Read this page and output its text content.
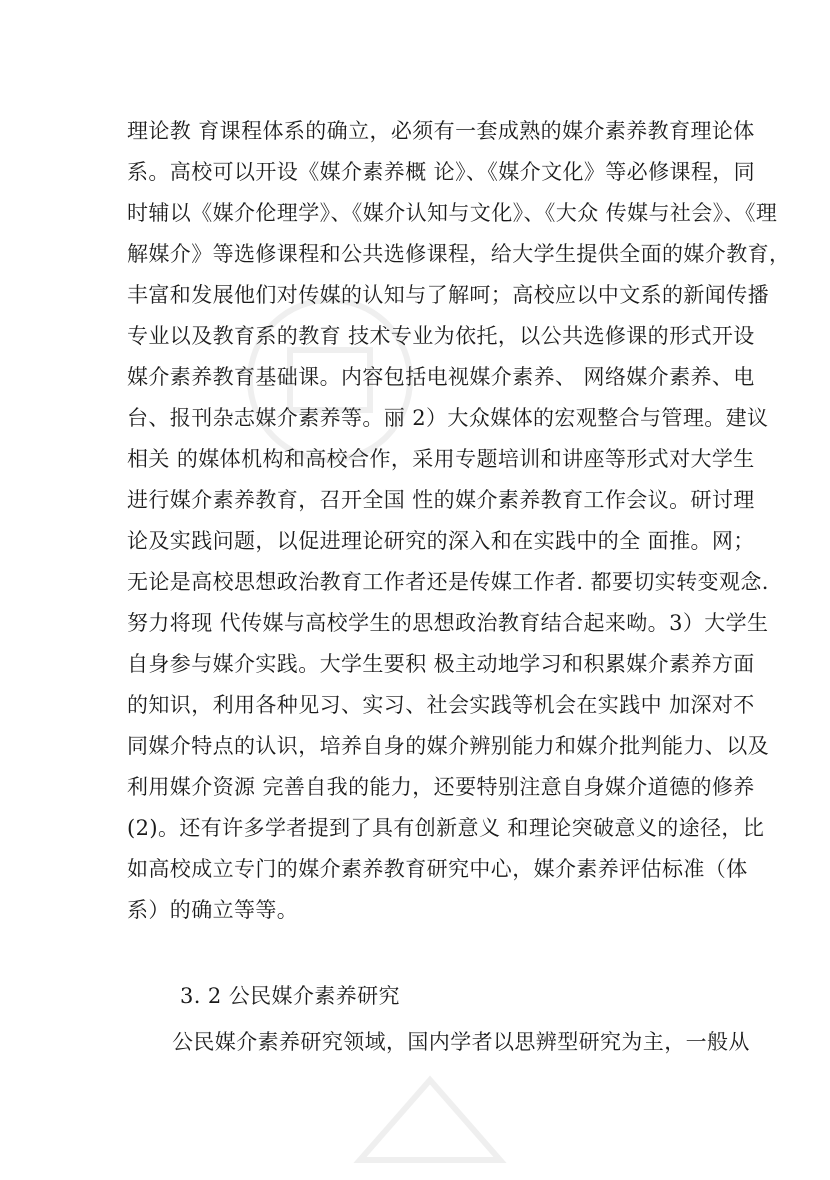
理论教 育课程体系的确立，必须有一套成熟的媒介素养教育理论体
系。高校可以开设《媒介素养概 论》、《媒介文化》等必修课程，同
时辅以《媒介伦理学》、《媒介认知与文化》、《大众 传媒与社会》、《理
解媒介》等选修课程和公共选修课程，给大学生提供全面的媒介教育，
丰富和发展他们对传媒的认知与了解呵；高校应以中文系的新闻传播
专业以及教育系的教育 技术专业为依托，以公共选修课的形式开设
媒介素养教育基础课。内容包括电视媒介素养、 网络媒介素养、电
台、报刊杂志媒介素养等。丽 2）大众媒体的宏观整合与管理。建议
相关 的媒体机构和高校合作，采用专题培训和讲座等形式对大学生
进行媒介素养教育，召开全国 性的媒介素养教育工作会议。研讨理
论及实践问题，以促进理论研究的深入和在实践中的全 面推。网；
无论是高校思想政治教育工作者还是传媒工作者. 都要切实转变观念.
努力将现 代传媒与高校学生的思想政治教育结合起来呦。3）大学生
自身参与媒介实践。大学生要积 极主动地学习和积累媒介素养方面
的知识，利用各种见习、实习、社会实践等机会在实践中 加深对不
同媒介特点的认识，培养自身的媒介辨别能力和媒介批判能力、以及
利用媒介资源 完善自我的能力，还要特别注意自身媒介道德的修养
(2)。还有许多学者提到了具有创新意义 和理论突破意义的途径，比
如高校成立专门的媒介素养教育研究中心，媒介素养评估标准（体
系）的确立等等。
3. 2 公民媒介素养研究
公民媒介素养研究领域，国内学者以思辨型研究为主，一般从
